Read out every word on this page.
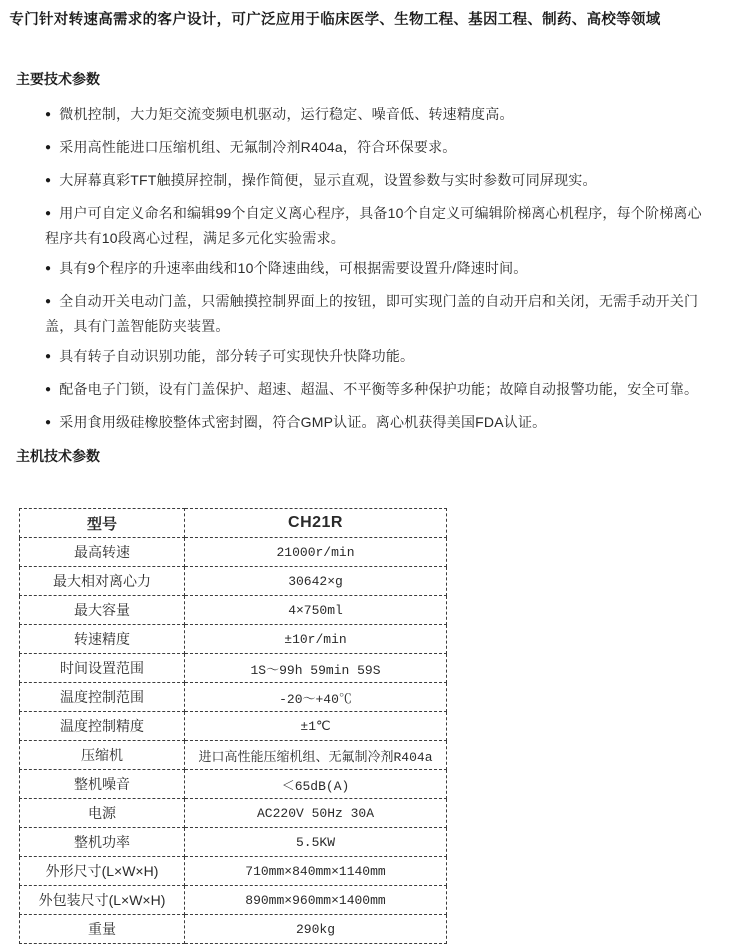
专门针对转速高需求的客户设计，可广泛应用于临床医学、生物工程、基因工程、制药、高校等领域
主要技术参数
● 微机控制，大力矩交流变频电机驱动，运行稳定、噪音低、转速精度高。
● 采用高性能进口压缩机组、无氟制冷剂R404a，符合环保要求。
● 大屏幕真彩TFT触摸屏控制，操作简便，显示直观，设置参数与实时参数可同屏现实。
● 用户可自定义命名和编辑99个自定义离心程序，具备10个自定义可编辑阶梯离心机程序，每个阶梯离心程序共有10段离心过程，满足多元化实验需求。
● 具有9个程序的升速率曲线和10个降速曲线，可根据需要设置升/降速时间。
● 全自动开关电动门盖，只需触摸控制界面上的按钮，即可实现门盖的自动开启和关闭，无需手动开关门盖，具有门盖智能防夹装置。
● 具有转子自动识别功能，部分转子可实现快升快降功能。
● 配备电子门锁，设有门盖保护、超速、超温、不平衡等多种保护功能；故障自动报警功能，安全可靠。
● 采用食用级硅橡胶整体式密封圈，符合GMP认证。离心机获得美国FDA认证。
主机技术参数
型号	CH21R
最高转速	21000r/min
最大相对离心力	30642×g
最大容量	4×750ml
转速精度	±10r/min
时间设置范围	1S～99h 59min 59S
温度控制范围	-20～+40℃
温度控制精度	±1℃
压缩机	进口高性能压缩机组、无氟制冷剂R404a
整机噪音	＜65dB(A)
电源	AC220V 50Hz 30A
整机功率	5.5KW
外形尺寸(L×W×H)	710mm×840mm×1140mm
外包装尺寸(L×W×H)	890mm×960mm×1400mm
重量	290kg
